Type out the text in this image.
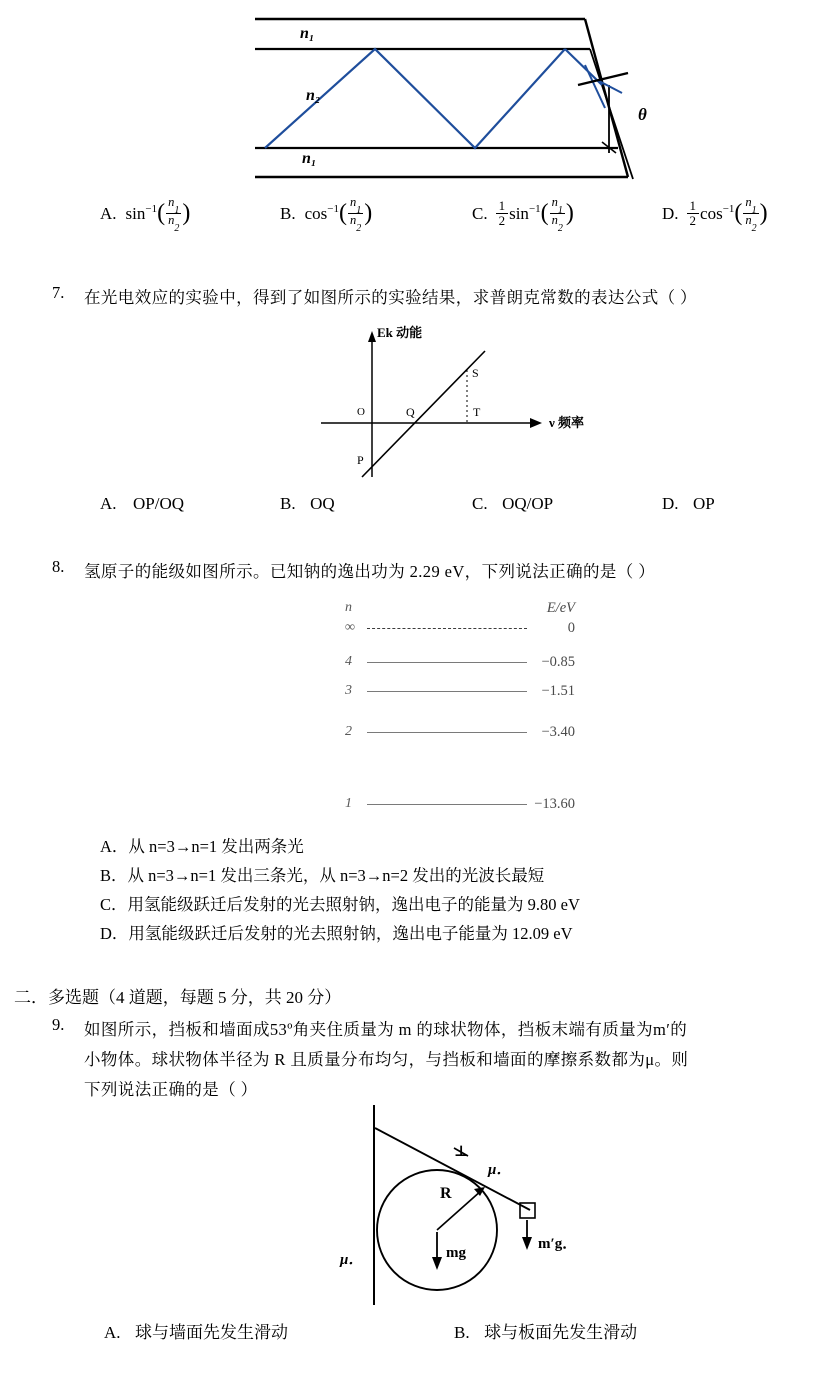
n₁
n₂
n₁
θ
A. sin −1 ( $\frac{n_1}{n_2}$ )	B. cos −1 ( $\frac{n_1}{n_2}$ )	C. $\frac{1}{2}$ sin −1 ( $\frac{n_1}{n_2}$ )	D. $\frac{1}{2}$ cos −1 ( $\frac{n_1}{n_2}$ )
7. 在光电效应的实验中，得到了如图所示的实验结果，求普朗克常数的表达公式（ ）
Ek 动能
ν 频率
O	Q
P
S
T
A. OP/OQ	B. OQ	C. OQ/OP	D. OP
8. 氢原子的能级如图所示。已知钠的逸出功为 2.29 eV，下列说法正确的是（ ）
n	E/eV
∞	0
4	−0.85
3	−1.51
2	−3.40
1	−13.60
A．从 n=3→n=1 发出两条光
B．从 n=3→n=1 发出三条光，从 n=3→n=2 发出的光波长最短
C．用氢能级跃迁后发射的光去照射钠，逸出电子的能量为 9.80 eV
D．用氢能级跃迁后发射的光去照射钠，逸出电子能量为 12.09 eV
二．多选题（4 道题，每题 5 分，共 20 分）
9. 如图所示，挡板和墙面成53º角夹住质量为 m 的球状物体，挡板末端有质量为m′的
小物体。球状物体半径为 R 且质量分布均匀，与挡板和墙面的摩擦系数都为μ。则
下列说法正确的是（ ）
⊥
μ．
μ．
R
mg
m′g．
A. 球与墙面先发生滑动	B. 球与板面先发生滑动
